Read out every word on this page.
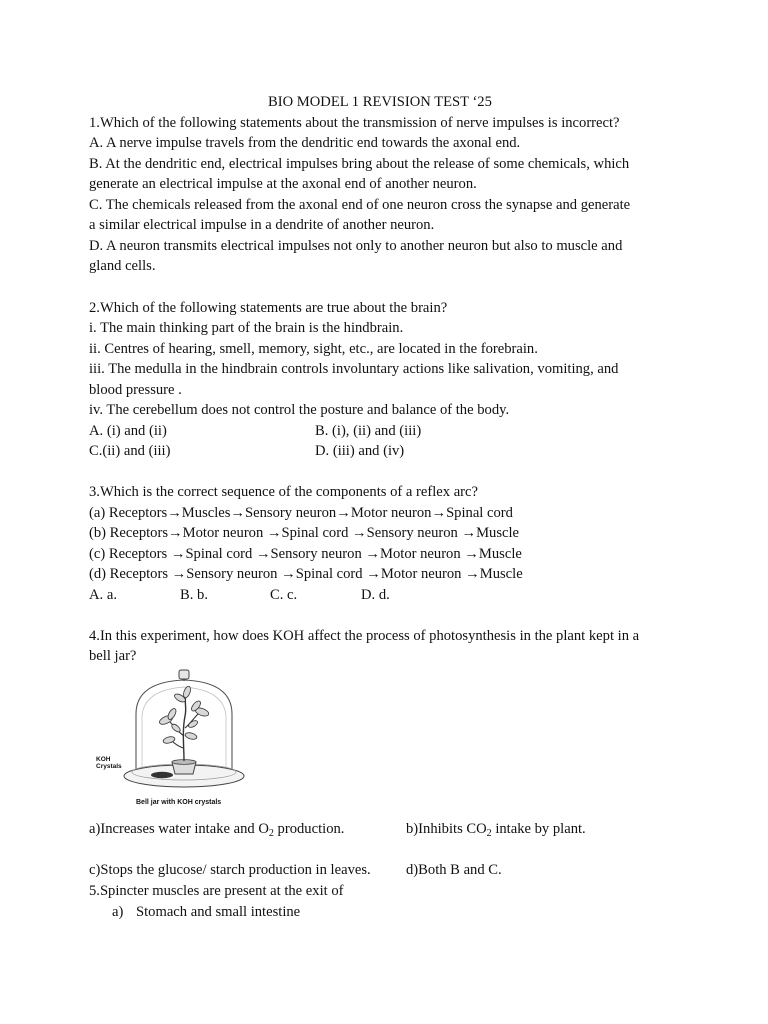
BIO MODEL 1 REVISION TEST ‘25
1.Which of the following statements about the transmission of nerve impulses is incorrect?
A. A nerve impulse travels from the dendritic end towards the axonal end.
B. At the dendritic end, electrical impulses bring about the release of some chemicals, which
generate an electrical impulse at the axonal end of another neuron.
C. The chemicals released from the axonal end of one neuron cross the synapse and generate
a similar electrical impulse in a dendrite of another neuron.
D. A neuron transmits electrical impulses not only to another neuron but also to muscle and
gland cells.
2.Which of the following statements are true about the brain?
i. The main thinking part of the brain is the hindbrain.
ii. Centres of hearing, smell, memory, sight, etc., are located in the forebrain.
iii. The medulla in the hindbrain controls involuntary actions like salivation, vomiting, and
blood pressure .
iv. The cerebellum does not control the posture and balance of the body.
A. (i) and (ii)	B. (i), (ii) and (iii)
C.(ii) and (iii)	D. (iii) and (iv)
3.Which is the correct sequence of the components of a reflex arc?
(a) Receptors→Muscles→Sensory neuron→Motor neuron→Spinal cord
(b) Receptors→Motor neuron →Spinal cord →Sensory neuron →Muscle
(c) Receptors →Spinal cord →Sensory neuron →Motor neuron →Muscle
(d) Receptors →Sensory neuron →Spinal cord →Motor neuron →Muscle
A. a.	B. b.	C. c.	D. d.
4.In this experiment, how does KOH affect the process of photosynthesis in the plant kept in a
bell jar?
KOH
Crystals
Bell jar with KOH crystals
a)Increases water intake and $O_2$ production.	b)Inhibits $CO_2$ intake by plant.
c)Stops the glucose/ starch production in leaves. d)Both B and C.
5.Spincter muscles are present at the exit of
a) Stomach and small intestine
